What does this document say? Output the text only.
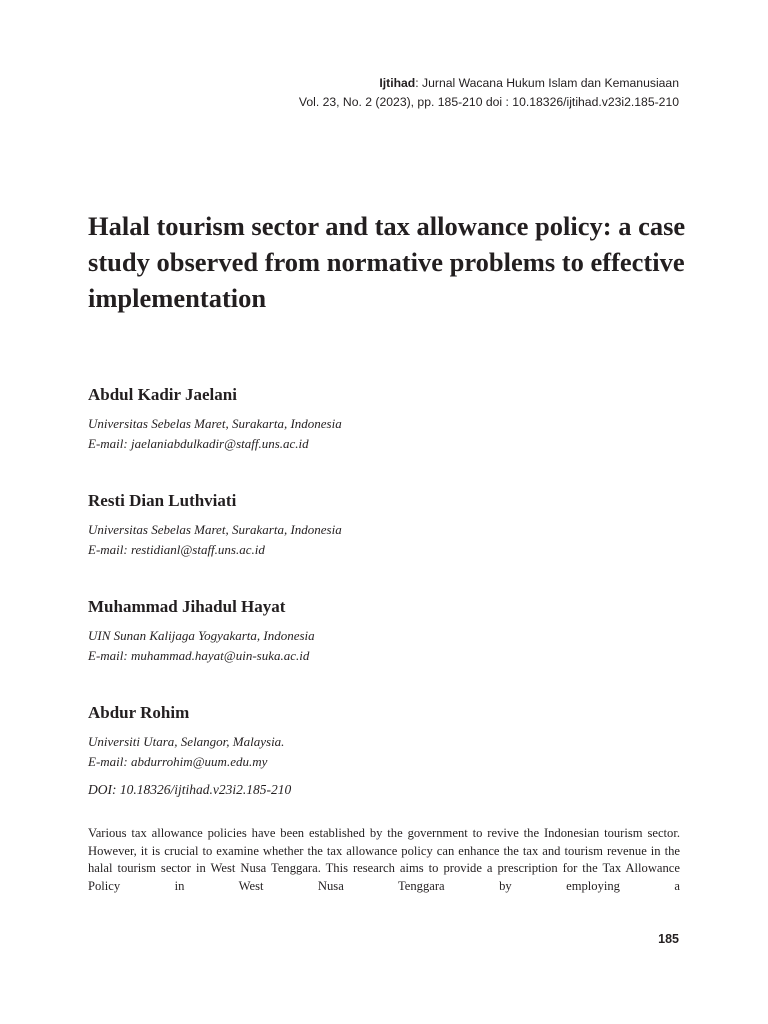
Ijtihad: Jurnal Wacana Hukum Islam dan Kemanusiaan
Vol. 23, No. 2 (2023), pp. 185-210 doi : 10.18326/ijtihad.v23i2.185-210
Halal tourism sector and tax allowance policy: a case study observed from normative problems to effective implementation
Abdul Kadir Jaelani
Universitas Sebelas Maret, Surakarta, Indonesia
E-mail: jaelaniabdulkadir@staff.uns.ac.id
Resti Dian Luthviati
Universitas Sebelas Maret, Surakarta, Indonesia
E-mail: restidianl@staff.uns.ac.id
Muhammad Jihadul Hayat
UIN Sunan Kalijaga Yogyakarta, Indonesia
E-mail: muhammad.hayat@uin-suka.ac.id
Abdur Rohim
Universiti Utara, Selangor, Malaysia.
E-mail: abdurrohim@uum.edu.my
DOI: 10.18326/ijtihad.v23i2.185-210

Various tax allowance policies have been established by the government to revive the Indonesian tourism sector. However, it is crucial to examine whether the tax allowance policy can enhance the tax and tourism revenue in the halal tourism sector in West Nusa Tenggara. This research aims to provide a prescription for the Tax Allowance Policy in West Nusa Tenggara by employing a

185
